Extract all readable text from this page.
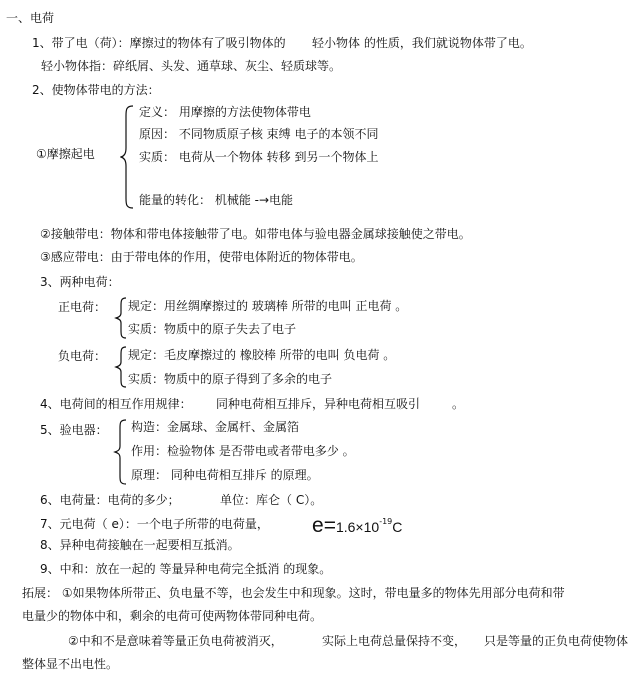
一、电荷
1、带了电（荷）：摩擦过的物体有了吸引物体的 轻小物体 的性质，我们就说物体带了电。
轻小物体指：碎纸屑、头发、通草球、灰尘、轻质球等。
2、使物体带电的方法：
①摩擦起电
定义： 用摩擦的方法使物体带电
原因： 不同物质原子核 束缚 电子的本领不同
实质： 电荷从一个物体 转移 到另一个物体上
能量的转化： 机械能 -→电能
②接触带电：物体和带电体接触带了电。如带电体与验电器金属球接触使之带电。
③感应带电：由于带电体的作用，使带电体附近的物体带电。
3、两种电荷：
正电荷： 规定：用丝绸摩擦过的 玻璃棒 所带的电叫 正电荷 。
实质：物质中的原子失去了电子
负电荷： 规定：毛皮摩擦过的 橡胶棒 所带的电叫 负电荷 。
实质：物质中的原子得到了多余的电子
4、电荷间的相互作用规律： 同种电荷相互排斥，异种电荷相互吸引	。
5、验电器： 构造：金属球、金属杆、金属箔
作用：检验物体 是否带电或者带电多少 。
原理： 同种电荷相互排斥 的原理。
6、电荷量：电荷的多少；	单位：库仑（ C）。
7、元电荷（ e）：一个电子所带的电荷量， $e=1.6\times 10^{-19}C$
8、异种电荷接触在一起要相互抵消。
9、中和：放在一起的 等量异种电荷完全抵消 的现象。
拓展： ①如果物体所带正、负电量不等，也会发生中和现象。这时，带电量多的物体先用部分电荷和带
电量少的物体中和，剩余的电荷可使两物体带同种电荷。
②中和不是意味着等量正负电荷被消灭，	实际上电荷总量保持不变， 只是等量的正负电荷使物体
整体显不出电性。
